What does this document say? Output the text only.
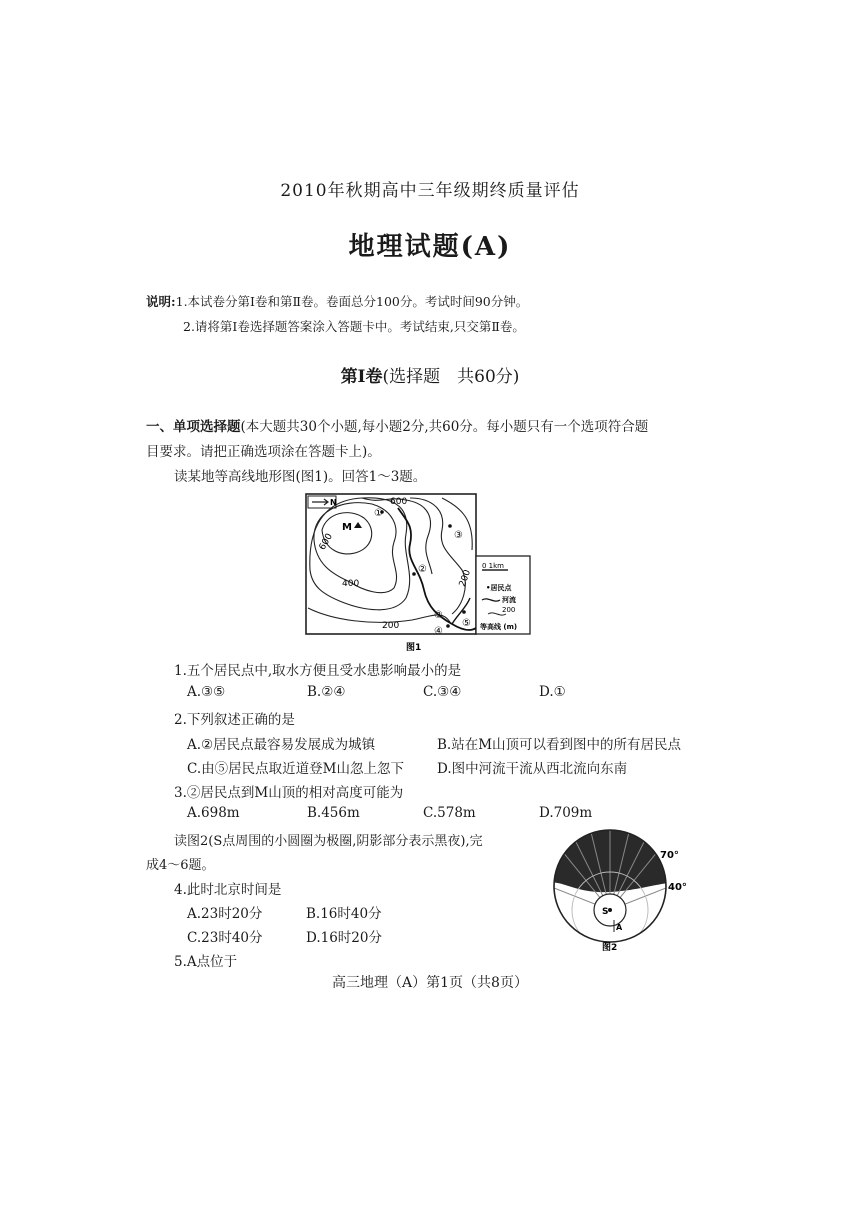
2010年秋期高中三年级期终质量评估
地理试题(A)
说明:1.本试卷分第Ⅰ卷和第Ⅱ卷。卷面总分100分。考试时间90分钟。
2.请将第Ⅰ卷选择题答案涂入答题卡中。考试结束,只交第Ⅱ卷。
第Ⅰ卷(选择题　共60分)
一、单项选择题(本大题共30个小题,每小题2分,共60分。每小题只有一个选项符合题
目要求。请把正确选项涂在答题卡上)。
读某地等高线地形图(图1)。回答1～3题。
N
M
600
600
400
200
200
①
②
③
③
④
⑤
0 1km
•居民点
河流
200
等高线 (m)
图1
1.五个居民点中,取水方便且受水患影响最小的是
A.③⑤	B.②④	C.③④	D.①
2.下列叙述正确的是
A.②居民点最容易发展成为城镇	B.站在M山顶可以看到图中的所有居民点
C.由⑤居民点取近道登M山忽上忽下 D.图中河流干流从西北流向东南
3.②居民点到M山顶的相对高度可能为
A.698m	B.456m	C.578m	D.709m
读图2(S点周围的小圆圈为极圈,阴影部分表示黑夜),完
成4～6题。
4.此时北京时间是
A.23时20分	B.16时40分
C.23时40分	D.16时20分
5.A点位于
S
A
70°
40°
图2
高三地理（A）第1页（共8页）
